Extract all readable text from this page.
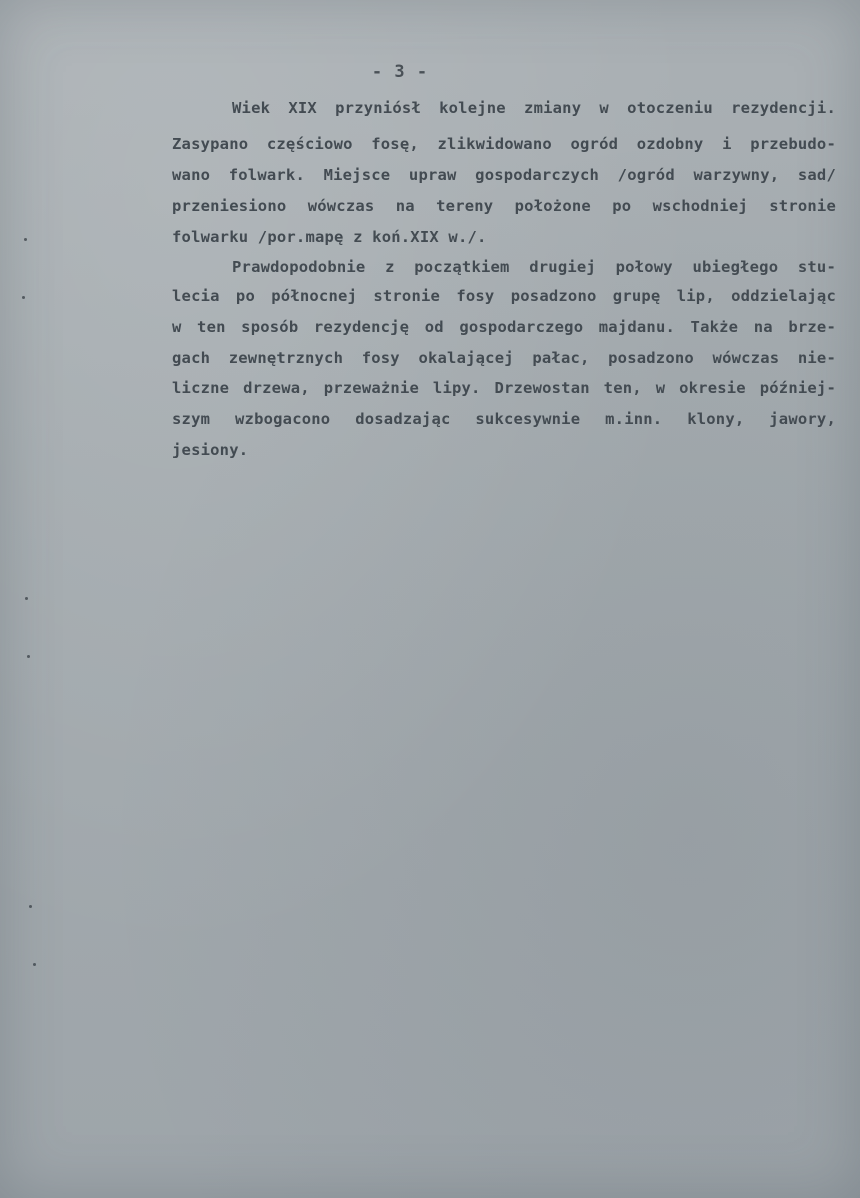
- 3 -
Wiek XIX przyniósł kolejne zmiany w otoczeniu rezydencji.
Zasypano częściowo fosę, zlikwidowano ogród ozdobny i przebudo-
wano folwark. Miejsce upraw gospodarczych /ogród warzywny, sad/
przeniesiono wówczas na tereny położone po wschodniej stronie
folwarku /por.mapę z koń.XIX w./.
Prawdopodobnie z początkiem drugiej połowy ubiegłego stu-
lecia po północnej stronie fosy posadzono grupę lip, oddzielając
w ten sposób rezydencję od gospodarczego majdanu. Także na brze-
gach zewnętrznych fosy okalającej pałac, posadzono wówczas nie-
liczne drzewa, przeważnie lipy. Drzewostan ten, w okresie później-
szym wzbogacono dosadzając sukcesywnie m.inn. klony, jawory,
jesiony.
